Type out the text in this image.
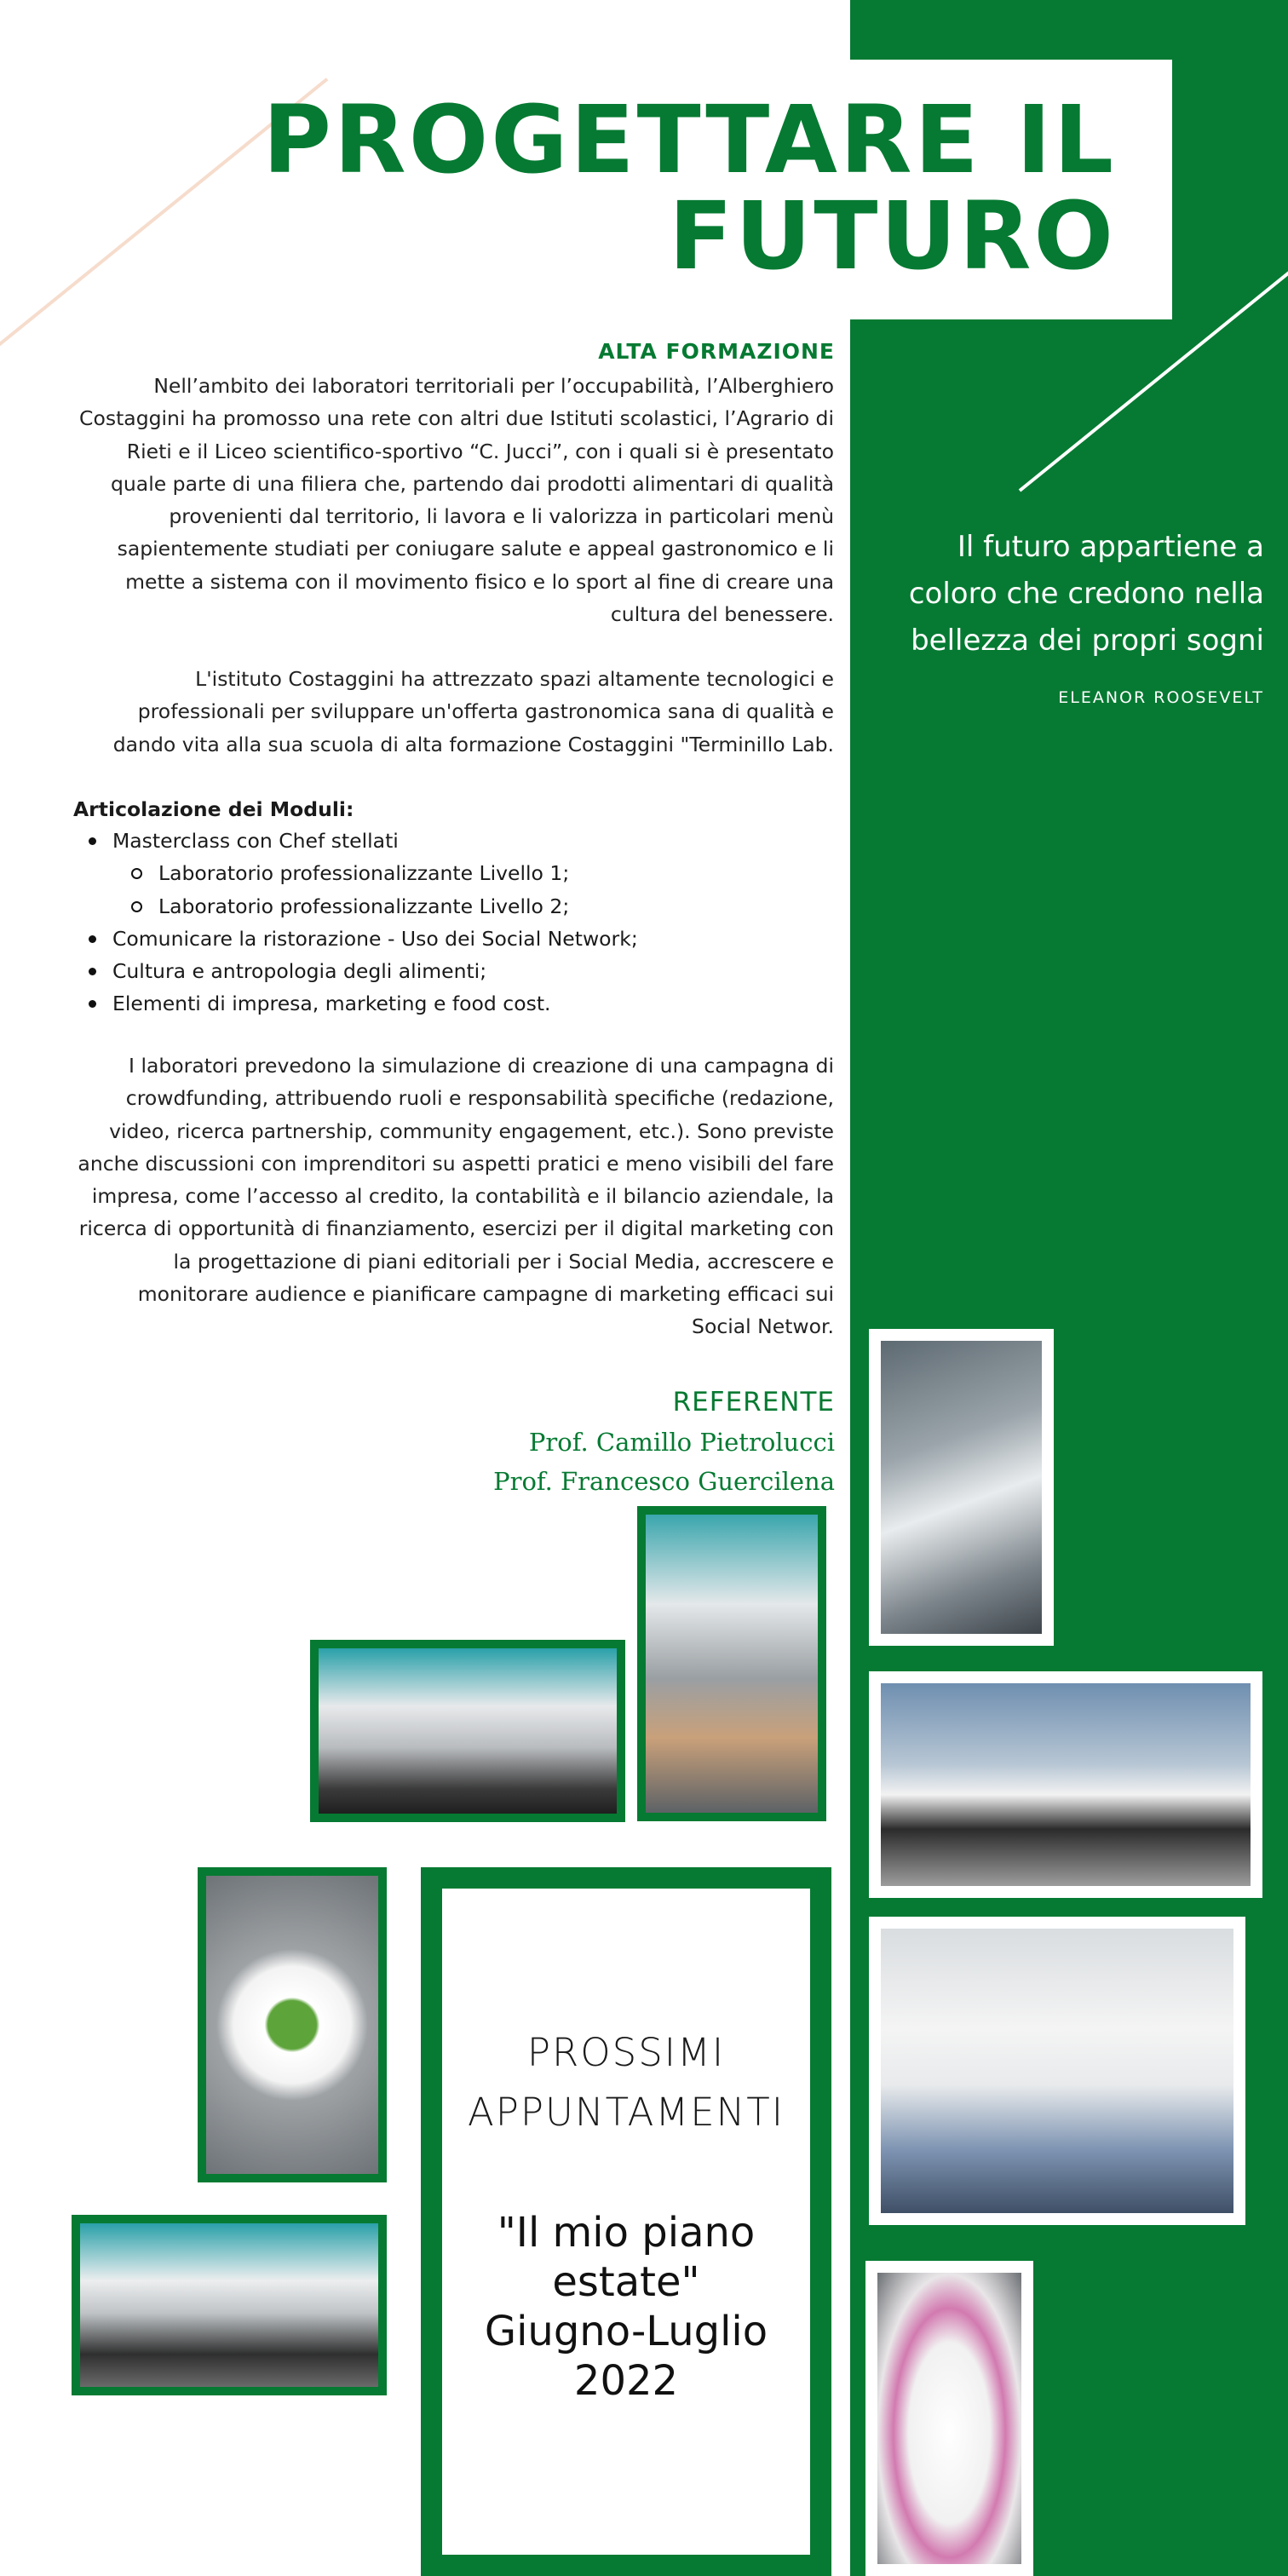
PROGETTARE IL FUTURO

Il futuro appartiene a coloro che credono nella bellezza dei propri sogni

ELEANOR ROOSEVELT
ALTA FORMAZIONE

Nell’ambito dei laboratori territoriali per l’occupabilità, l’Alberghiero Costaggini ha promosso una rete con altri due Istituti scolastici, l’Agrario di Rieti e il Liceo scientifico-sportivo “C. Jucci”, con i quali si è presentato quale parte di una filiera che, partendo dai prodotti alimentari di qualità provenienti dal territorio, li lavora e li valorizza in particolari menù sapientemente studiati per coniugare salute e appeal gastronomico e li mette a sistema con il movimento fisico e lo sport al fine di creare una cultura del benessere.

L'istituto Costaggini ha attrezzato spazi altamente tecnologici e professionali per sviluppare un'offerta gastronomica sana di qualità e dando vita alla sua scuola di alta formazione Costaggini "Terminillo Lab.

Articolazione dei Moduli:
Masterclass con Chef stellati
Laboratorio professionalizzante Livello 1;
Laboratorio professionalizzante Livello 2;
Comunicare la ristorazione - Uso dei Social Network;
Cultura e antropologia degli alimenti;
Elementi di impresa, marketing e food cost.

I laboratori prevedono la simulazione di creazione di una campagna di crowdfunding, attribuendo ruoli e responsabilità specifiche (redazione, video, ricerca partnership, community engagement, etc.). Sono previste anche discussioni con imprenditori su aspetti pratici e meno visibili del fare impresa, come l’accesso al credito, la contabilità e il bilancio aziendale, la ricerca di opportunità di finanziamento, esercizi per il digital marketing con la progettazione di piani editoriali per i Social Media, accrescere e monitorare audience e pianificare campagne di marketing efficaci sui Social Networ.

REFERENTE
Prof. Camillo Pietrolucci
Prof. Francesco Guercilena
PROSSIMI
APPUNTAMENTI
"Il mio piano
estate"
Giugno-Luglio
2022
